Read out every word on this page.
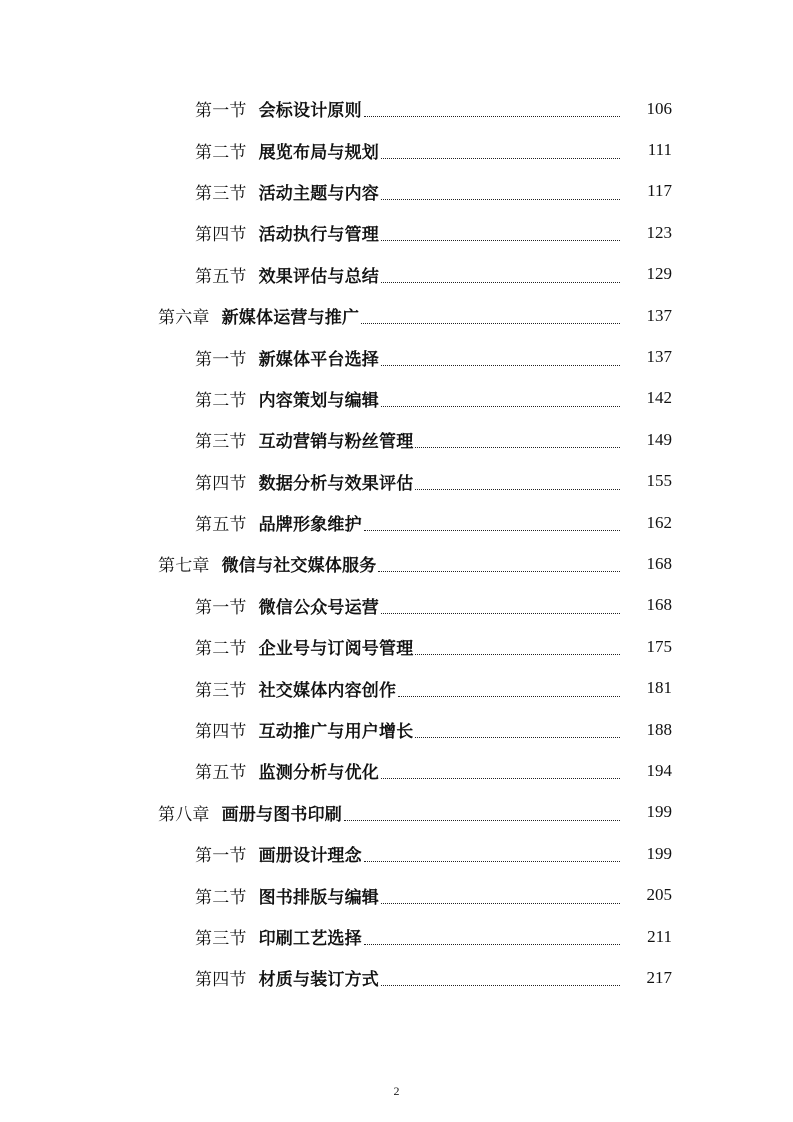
第一节 会标设计原则	106
第二节 展览布局与规划	111
第三节 活动主题与内容	117
第四节 活动执行与管理	123
第五节 效果评估与总结	129
第六章 新媒体运营与推广	137
第一节 新媒体平台选择	137
第二节 内容策划与编辑	142
第三节 互动营销与粉丝管理	149
第四节 数据分析与效果评估	155
第五节 品牌形象维护	162
第七章 微信与社交媒体服务	168
第一节 微信公众号运营	168
第二节 企业号与订阅号管理	175
第三节 社交媒体内容创作	181
第四节 互动推广与用户增长	188
第五节 监测分析与优化	194
第八章 画册与图书印刷	199
第一节 画册设计理念	199
第二节 图书排版与编辑	205
第三节 印刷工艺选择	211
第四节 材质与装订方式	217
2
